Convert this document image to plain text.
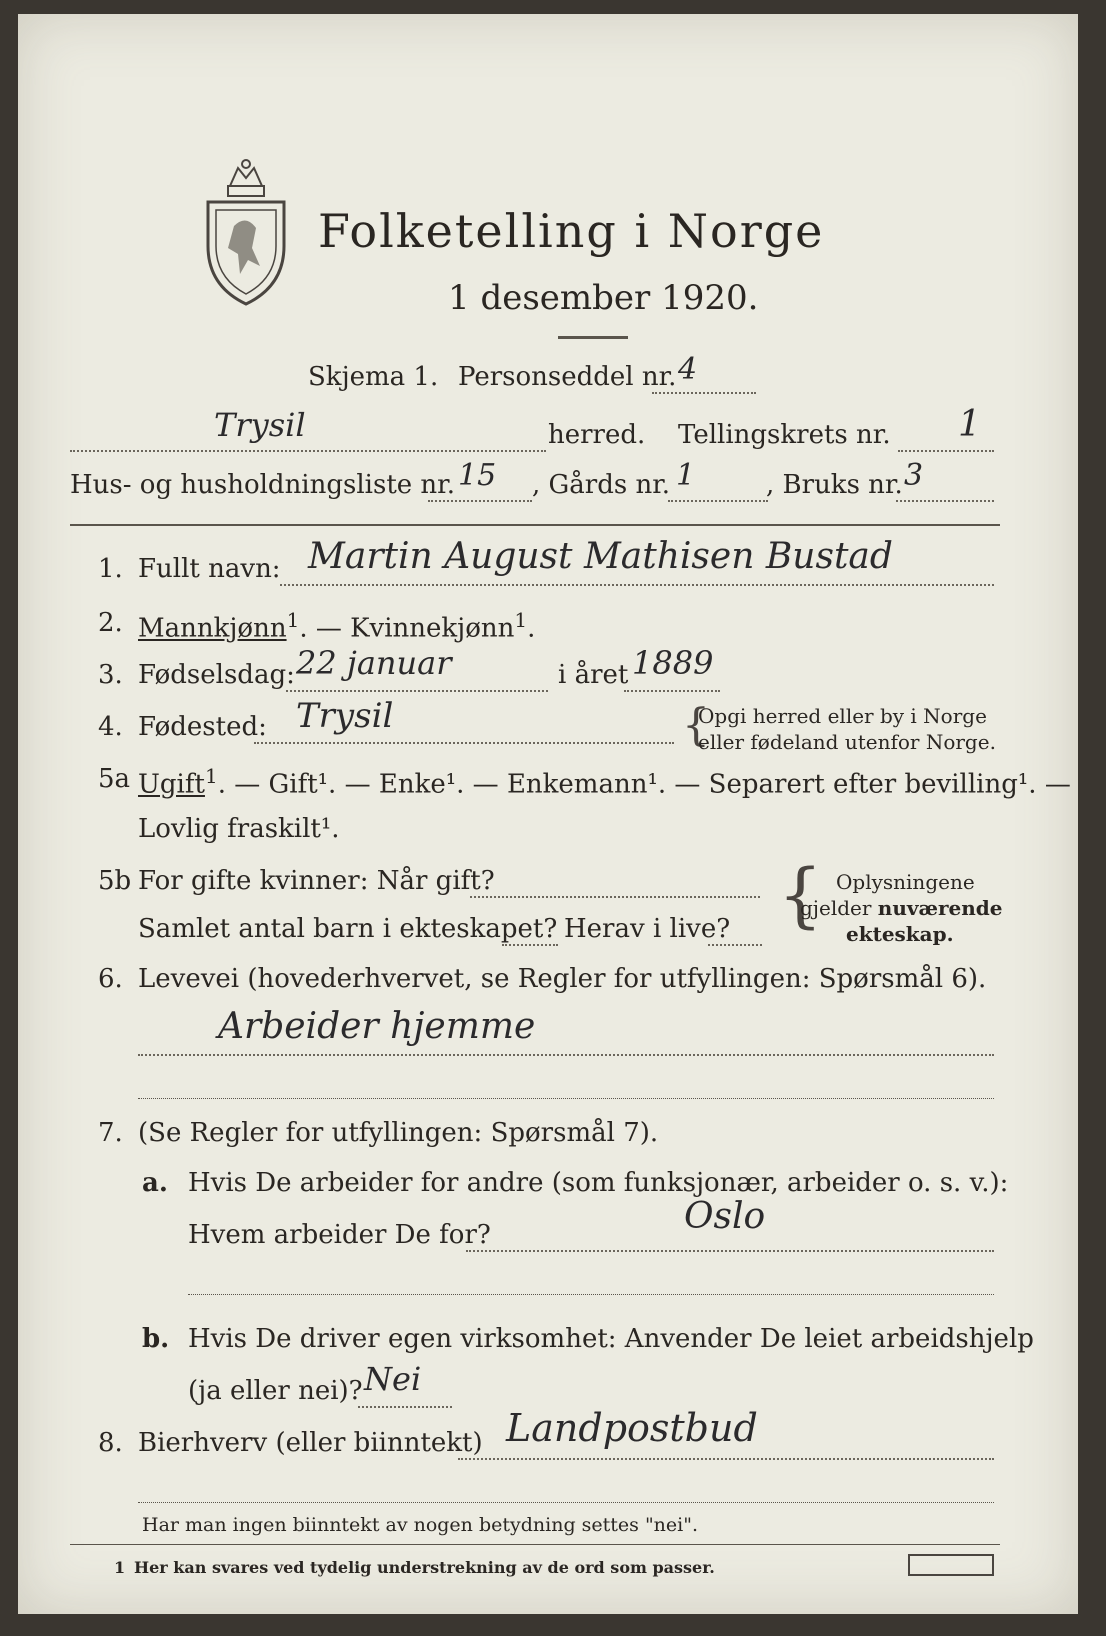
Folketelling i Norge
1 desember 1920.
Skjema 1. Personseddel nr. 4
Trysil	herred. Tellingskrets nr. 1
Hus- og husholdningsliste nr. 15 , Gårds nr. 1	, Bruks nr. 3
1. Fullt navn: Martin August Mathisen Bustad
2. Mannkjønn$^1$. — Kvinnekjønn$^1$.
3. Fødselsdag: 22 januar	i året 1889
4. Fødested: Trysil	{
Opgi herred eller by i Norge
eller fødeland utenfor Norge.
5a Ugift$^1$. — Gift¹. — Enke¹. — Enkemann¹. — Separert efter bevilling¹. —
Lovlig fraskilt¹.
5b For gifte kvinner: Når gift?
Samlet antal barn i ekteskapet? Herav i live? { Oplysningene
gjelder nuværende
ekteskap.
6. Levevei (hovederhvervet, se Regler for utfyllingen: Spørsmål 6).
Arbeider hjemme
7. (Se Regler for utfyllingen: Spørsmål 7).
a. Hvis De arbeider for andre (som funksjonær, arbeider o. s. v.):
Hvem arbeider De for?	Oslo
b. Hvis De driver egen virksomhet: Anvender De leiet arbeidshjelp
(ja eller nei)? Nei
8. Bierhverv (eller biinntekt) Landpostbud
Har man ingen biinntekt av nogen betydning settes "nei".
1 Her kan svares ved tydelig understrekning av de ord som passer.
